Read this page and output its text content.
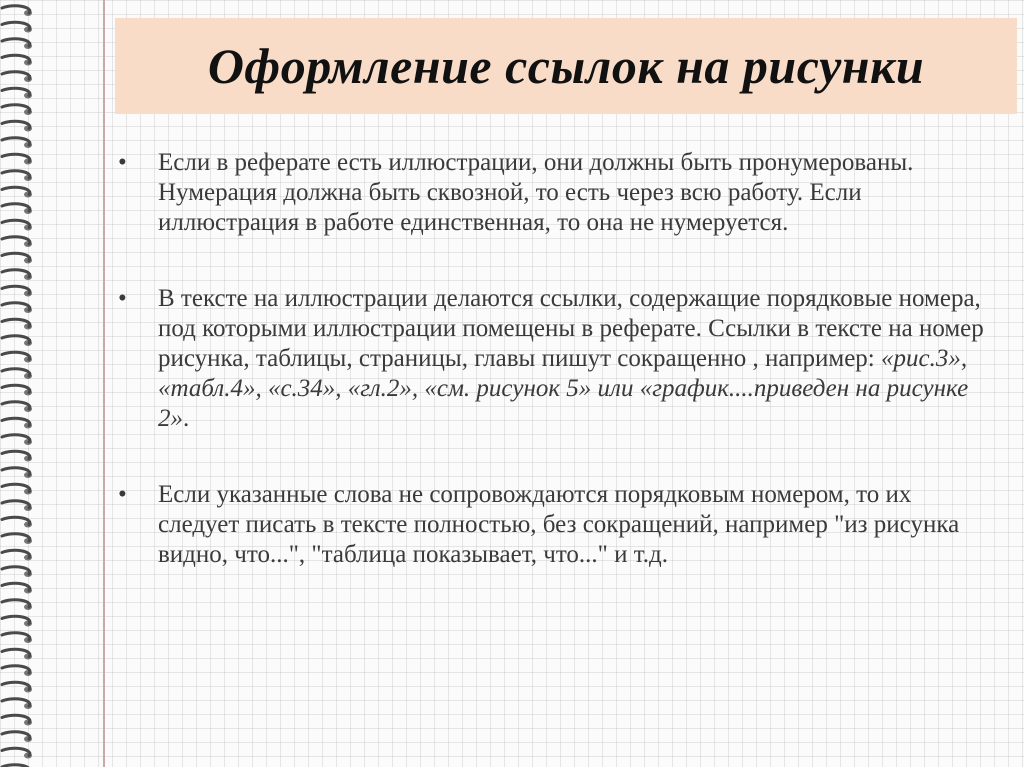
Оформление ссылок на рисунки
• Если в реферате есть иллюстрации, они должны быть пронумерованы. Нумерация должна быть сквозной, то есть через всю работу. Если иллюстрация в работе единственная, то она не нумеруется.
• В тексте на иллюстрации делаются ссылки, содержащие порядковые номера, под которыми иллюстрации помещены в реферате. Ссылки в тексте на номер рисунка, таблицы, страницы, главы пишут сокращенно , например: «рис.3», «табл.4», «с.34», «гл.2», «см. рисунок 5» или «график....приведен на рисунке 2».
• Если указанные слова не сопровождаются порядковым номером, то их следует писать в тексте полностью, без сокращений, например "из рисунка видно, что...", "таблица показывает, что..." и т.д.
